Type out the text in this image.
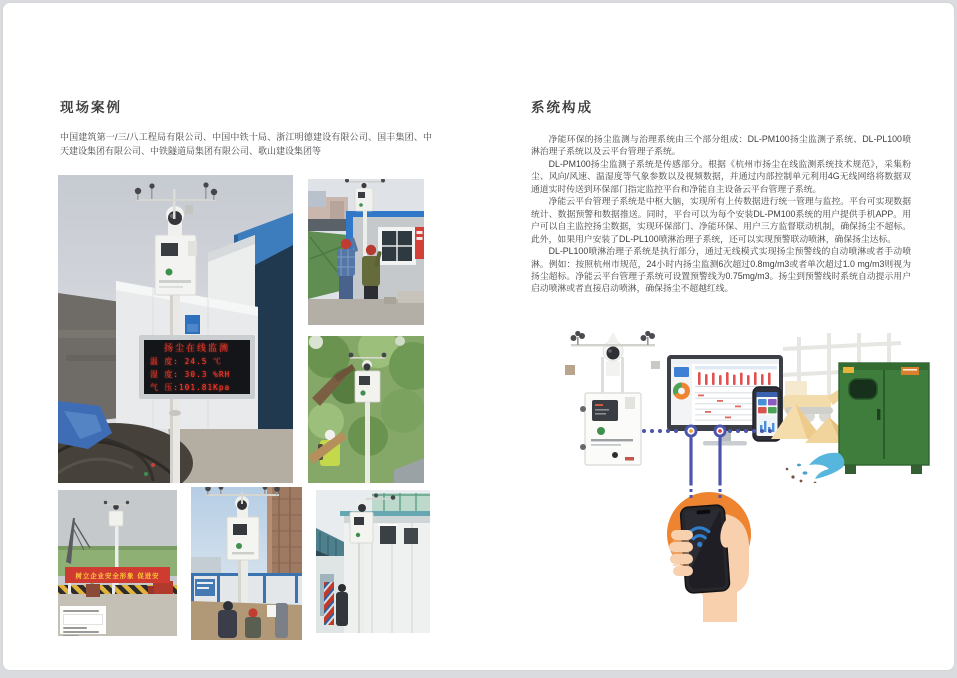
现场案例

中国建筑第一/三/八工程局有限公司、中国中铁十局、浙江明德建设有限公司、国丰集团、中天建设集团有限公司、中铁隧道局集团有限公司、歌山建设集团等

扬尘在线监测
温 度: 24.5 ℃
湿 度: 30.3 %RH
气 压:101.81Kpa
树立企业安全形象 促进安
系统构成

净能环保的扬尘监测与治理系统由三个部分组成：DL-PM100扬尘监测子系统、DL-PL100喷淋治理子系统以及云平台管理子系统。

DL-PM100扬尘监测子系统是传感部分。根据《杭州市扬尘在线监测系统技术规范》，采集粉尘、风向/风速、温湿度等气象参数以及视频数据，并通过内部控制单元利用4G无线网络将数据双通道实时传送到环保部门指定监控平台和净能自主设备云平台管理子系统。

净能云平台管理子系统是中枢大脑，实现所有上传数据进行统一管理与监控。平台可实现数据统计、数据预警和数据推送。同时，平台可以为每个安装DL-PM100系统的用户提供手机APP。用户可以自主监控扬尘数据，实现环保部门、净能环保、用户三方监督联动机制，确保扬尘不超标。此外，如果用户安装了DL-PL100喷淋治理子系统，还可以实现预警联动喷淋，确保扬尘达标。

DL-PL100喷淋治理子系统是执行部分，通过无线模式实现扬尘预警线的自动喷淋或者手动喷淋。例如：按照杭州市规范，24小时内扬尘监测6次超过0.8mg/m3或者单次超过1.0 mg/m3则视为扬尘超标。净能云平台管理子系统可设置预警线为0.75mg/m3。扬尘到预警线时系统自动提示用户启动喷淋或者直接启动喷淋，确保扬尘不超越红线。
